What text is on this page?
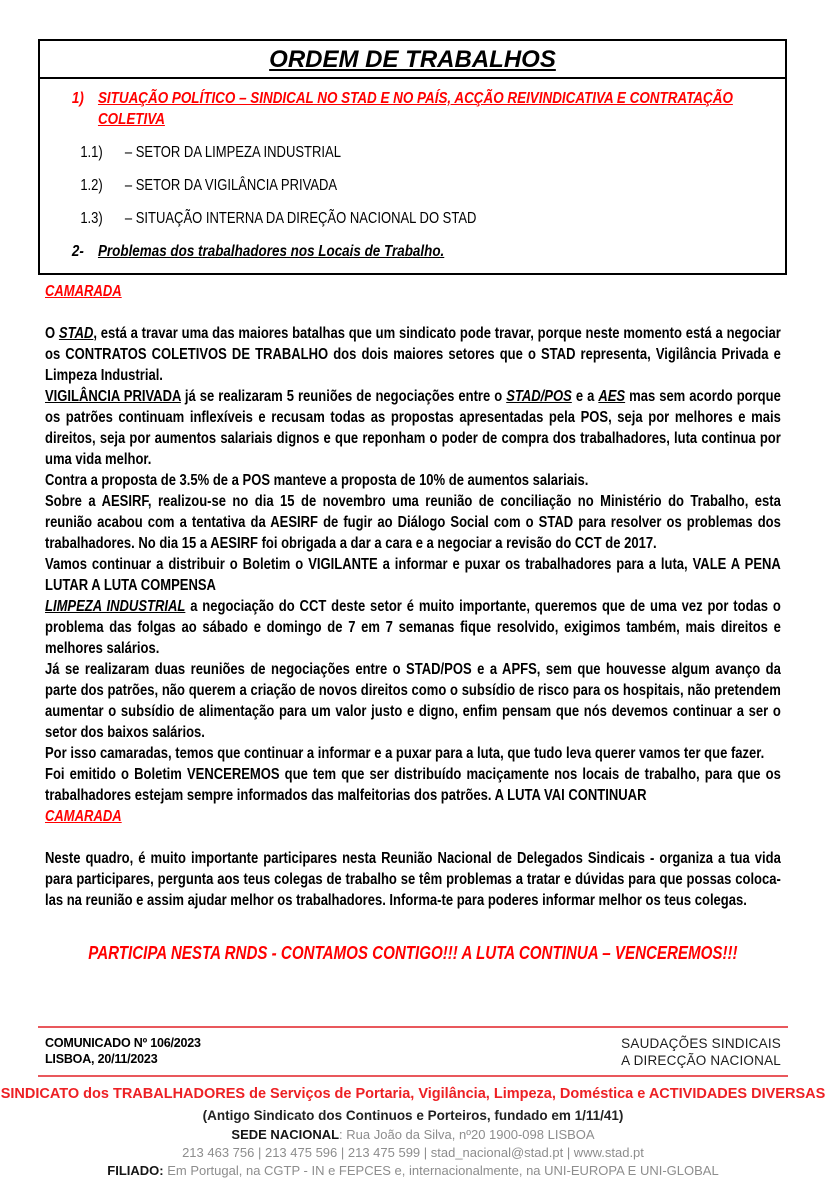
ORDEM DE TRABALHOS
1) SITUAÇÃO POLÍTICO – SINDICAL NO STAD E NO PAÍS, ACÇÃO REIVINDICATIVA E CONTRATAÇÃO COLETIVA
1.1)	– SETOR DA LIMPEZA INDUSTRIAL
1.2)	– SETOR DA VIGILÂNCIA PRIVADA
1.3)	– SITUAÇÃO INTERNA DA DIREÇÃO NACIONAL DO STAD
2- Problemas dos trabalhadores nos Locais de Trabalho.

CAMARADA

O STAD, está a travar uma das maiores batalhas que um sindicato pode travar, porque neste momento está a negociar os CONTRATOS COLETIVOS DE TRABALHO dos dois maiores setores que o STAD representa, Vigilância Privada e Limpeza Industrial.

VIGILÂNCIA PRIVADA já se realizaram 5 reuniões de negociações entre o STAD/POS e a AES mas sem acordo porque os patrões continuam inflexíveis e recusam todas as propostas apresentadas pela POS, seja por melhores e mais direitos, seja por aumentos salariais dignos e que reponham o poder de compra dos trabalhadores, luta continua por uma vida melhor.

Contra a proposta de 3.5% de a POS manteve a proposta de 10% de aumentos salariais.

Sobre a AESIRF, realizou-se no dia 15 de novembro uma reunião de conciliação no Ministério do Trabalho, esta reunião acabou com a tentativa da AESIRF de fugir ao Diálogo Social com o STAD para resolver os problemas dos trabalhadores. No dia 15 a AESIRF foi obrigada a dar a cara e a negociar a revisão do CCT de 2017.

Vamos continuar a distribuir o Boletim o VIGILANTE a informar e puxar os trabalhadores para a luta, VALE A PENA LUTAR A LUTA COMPENSA

LIMPEZA INDUSTRIAL a negociação do CCT deste setor é muito importante, queremos que de uma vez por todas o problema das folgas ao sábado e domingo de 7 em 7 semanas fique resolvido, exigimos também, mais direitos e melhores salários.

Já se realizaram duas reuniões de negociações entre o STAD/POS e a APFS, sem que houvesse algum avanço da parte dos patrões, não querem a criação de novos direitos como o subsídio de risco para os hospitais, não pretendem aumentar o subsídio de alimentação para um valor justo e digno, enfim pensam que nós devemos continuar a ser o setor dos baixos salários.

Por isso camaradas, temos que continuar a informar e a puxar para a luta, que tudo leva querer vamos ter que fazer.

Foi emitido o Boletim VENCEREMOS que tem que ser distribuído maciçamente nos locais de trabalho, para que os trabalhadores estejam sempre informados das malfeitorias dos patrões. A LUTA VAI CONTINUAR

CAMARADA

Neste quadro, é muito importante participares nesta Reunião Nacional de Delegados Sindicais - organiza a tua vida para participares, pergunta aos teus colegas de trabalho se têm problemas a tratar e dúvidas para que possas coloca-las na reunião e assim ajudar melhor os trabalhadores. Informa-te para poderes informar melhor os teus colegas.

PARTICIPA NESTA RNDS - CONTAMOS CONTIGO!!! A LUTA CONTINUA – VENCEREMOS!!!
COMUNICADO Nº 106/2023
LISBOA, 20/11/2023
SAUDAÇÕES SINDICAIS
A DIRECÇÃO NACIONAL
SINDICATO dos TRABALHADORES de Serviços de Portaria, Vigilância, Limpeza, Doméstica e ACTIVIDADES DIVERSAS
(Antigo Sindicato dos Continuos e Porteiros, fundado em 1/11/41)
SEDE NACIONAL: Rua João da Silva, nº20 1900-098 LISBOA
213 463 756 | 213 475 596 | 213 475 599 | stad_nacional@stad.pt | www.stad.pt
FILIADO: Em Portugal, na CGTP - IN e FEPCES e, internacionalmente, na UNI-EUROPA E UNI-GLOBAL
